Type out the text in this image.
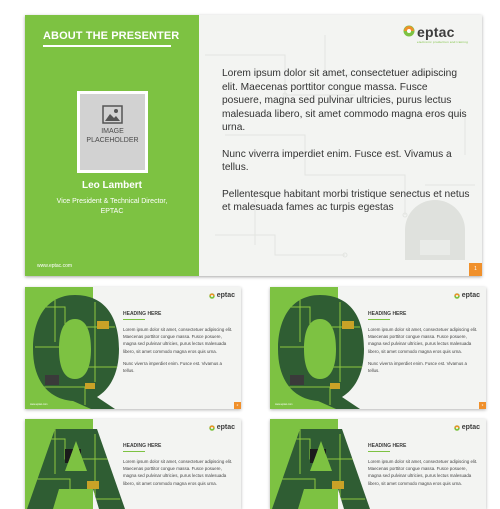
ABOUT THE PRESENTER
IMAGE
PLACEHOLDER
Leo Lambert
Vice President & Technical Director, EPTAC
www.eptac.com
eptac
electronic production and training

Lorem ipsum dolor sit amet, consectetuer adipiscing elit. Maecenas porttitor congue massa. Fusce posuere, magna sed pulvinar ultricies, purus lectus malesuada libero, sit amet commodo magna eros quis urna.

Nunc viverra imperdiet enim. Fusce est. Vivamus a tellus.

Pellentesque habitant morbi tristique senectus et netus et malesuada fames ac turpis egestas

1
eptac
HEADING HERE

Lorem ipsum dolor sit amet, consectetuer adipiscing elit. Maecenas porttitor congue massa. Fusce posuere, magna sed pulvinar ultricies, purus lectus malesuada libero, sit amet commodo magna eros quis urna.

Nunc viverra imperdiet enim. Fusce est. Vivamus a tellus.

www.eptac.com	2
eptac
HEADING HERE

Lorem ipsum dolor sit amet, consectetuer adipiscing elit. Maecenas porttitor congue massa. Fusce posuere, magna sed pulvinar ultricies, purus lectus malesuada libero, sit amet commodo magna eros quis urna.

Nunc viverra imperdiet enim. Fusce est. Vivamus a tellus.

www.eptac.com	3
eptac
HEADING HERE

Lorem ipsum dolor sit amet, consectetuer adipiscing elit. Maecenas porttitor congue massa. Fusce posuere, magna sed pulvinar ultricies, purus lectus malesuada libero, sit amet commodo magna eros quis urna.

eptac
HEADING HERE

Lorem ipsum dolor sit amet, consectetuer adipiscing elit. Maecenas porttitor congue massa. Fusce posuere, magna sed pulvinar ultricies, purus lectus malesuada libero, sit amet commodo magna eros quis urna.
